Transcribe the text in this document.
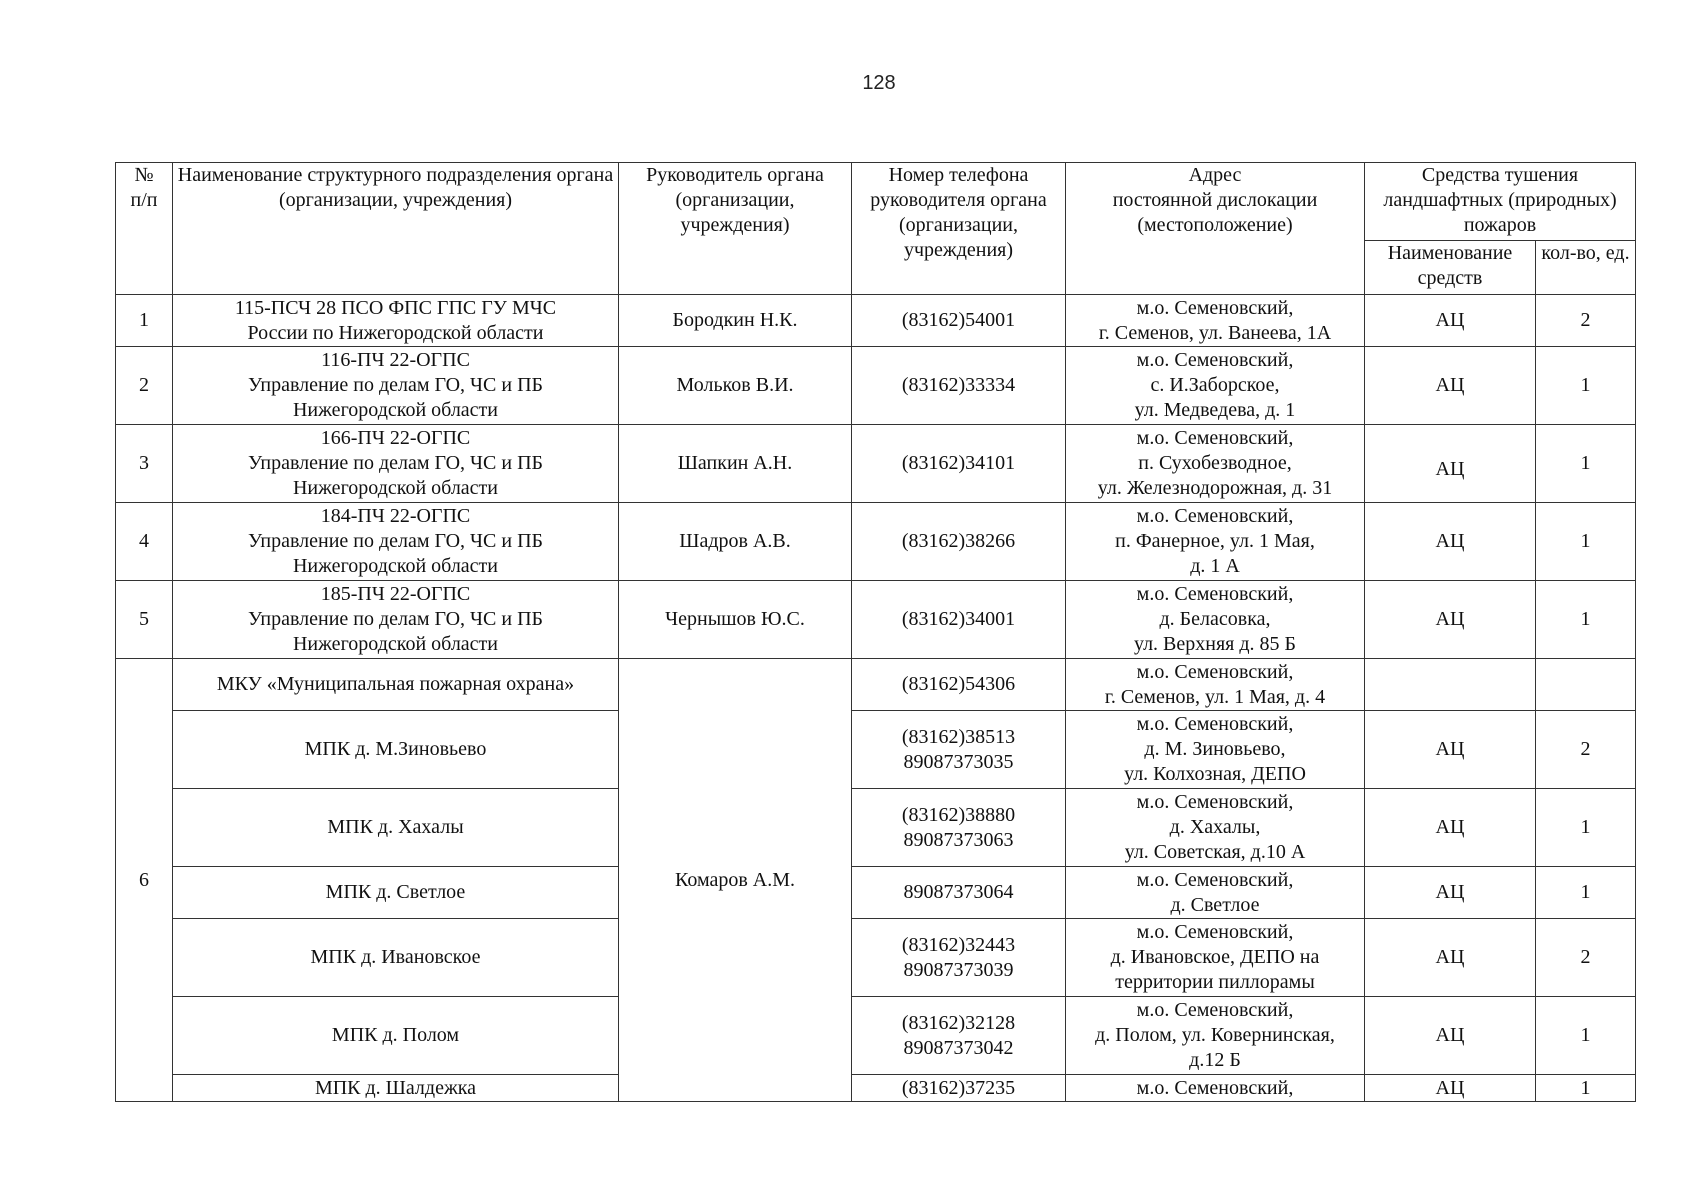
128
№
п/п	Наименование структурного подразделения органа (организации, учреждения)	Руководитель органа (организации, учреждения)	Номер телефона руководителя органа (организации, учреждения)	Адрес
постоянной дислокации (местоположение)	Средства тушения ландшафтных (природных) пожаров	
					Наименование средств	кол-во, ед.
1	115-ПСЧ 28 ПСО ФПС ГПС ГУ МЧС
России по Нижегородской области	Бородкин Н.К.	(83162)54001	м.о. Семеновский,
г. Семенов, ул. Ванеева, 1А	АЦ	2
2	116-ПЧ 22-ОГПС
Управление по делам ГО, ЧС и ПБ
Нижегородской области	Мольков В.И.	(83162)33334	м.о. Семеновский,
с. И.Заборское,
ул. Медведева, д. 1	АЦ	1
3	166-ПЧ 22-ОГПС
Управление по делам ГО, ЧС и ПБ
Нижегородской области	Шапкин А.Н.	(83162)34101	м.о. Семеновский,
п. Сухобезводное,
ул. Железнодорожная, д. 31	АЦ	1
4	184-ПЧ 22-ОГПС
Управление по делам ГО, ЧС и ПБ
Нижегородской области	Шадров А.В.	(83162)38266	м.о. Семеновский,
п. Фанерное, ул. 1 Мая,
д. 1 А	АЦ	1
5	185-ПЧ 22-ОГПС
Управление по делам ГО, ЧС и ПБ
Нижегородской области	Чернышов Ю.С.	(83162)34001	м.о. Семеновский,
д. Беласовка,
ул. Верхняя д. 85 Б	АЦ	1
6	МКУ «Муниципальная пожарная охрана»	Комаров А.М.	(83162)54306	м.о. Семеновский,
г. Семенов, ул. 1 Мая, д. 4		
	МПК д. М.Зиновьево		(83162)38513
89087373035	м.о. Семеновский,
д. М. Зиновьево,
ул. Колхозная, ДЕПО	АЦ	2
	МПК д. Хахалы		(83162)38880
89087373063	м.о. Семеновский,
д. Хахалы,
ул. Советская, д.10 А	АЦ	1
	МПК д. Светлое		89087373064	м.о. Семеновский,
д. Светлое	АЦ	1
	МПК д. Ивановское		(83162)32443
89087373039	м.о. Семеновский,
д. Ивановское, ДЕПО на
территории пиллорамы	АЦ	2
	МПК д. Полом		(83162)32128
89087373042	м.о. Семеновский,
д. Полом, ул. Ковернинская,
д.12 Б	АЦ	1
	МПК д. Шалдежка		(83162)37235	м.о. Семеновский,	АЦ	1
